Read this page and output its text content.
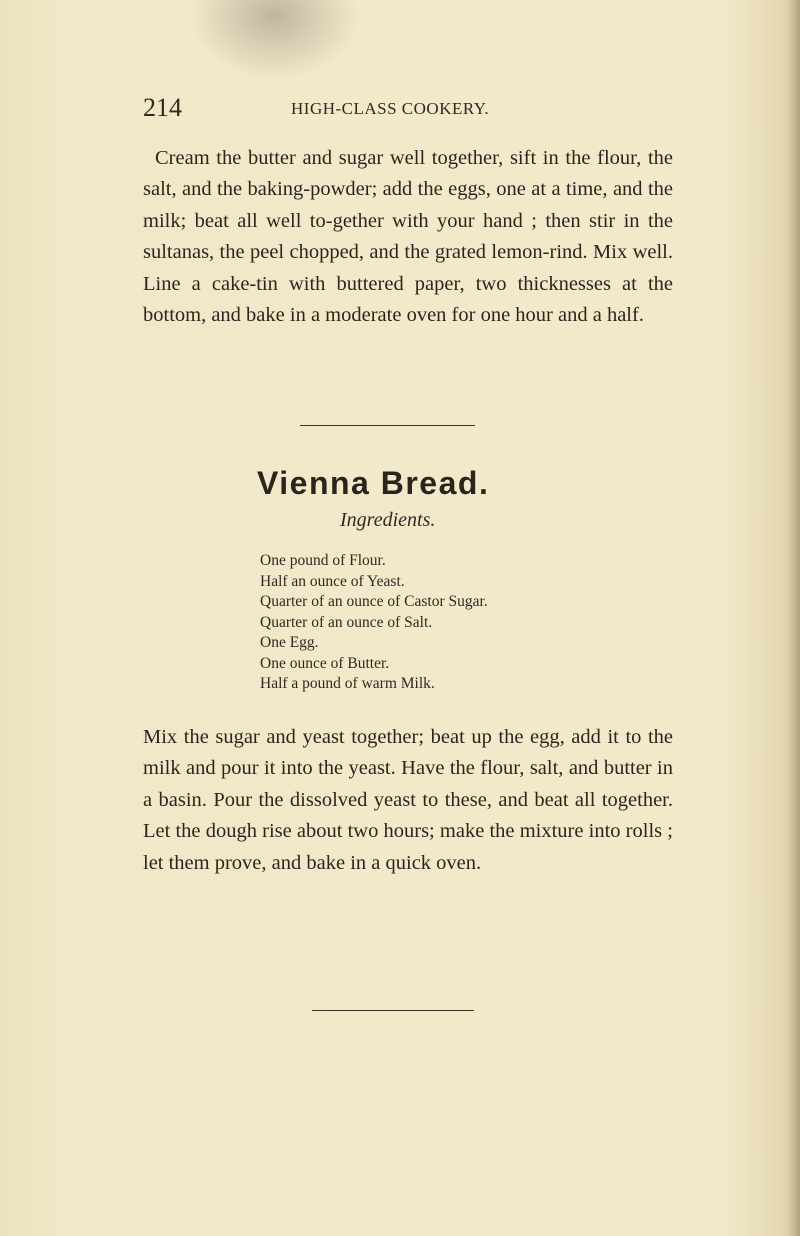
214	HIGH-CLASS COOKERY.

Cream the butter and sugar well together, sift in the flour, the salt, and the baking-powder; add the eggs, one at a time, and the milk; beat all well to-gether with your hand ; then stir in the sultanas, the peel chopped, and the grated lemon-rind. Mix well. Line a cake-tin with buttered paper, two thicknesses at the bottom, and bake in a moderate oven for one hour and a half.

Vienna Bread.
Ingredients.
One pound of Flour.
Half an ounce of Yeast.
Quarter of an ounce of Castor Sugar.
Quarter of an ounce of Salt.
One Egg.
One ounce of Butter.
Half a pound of warm Milk.

Mix the sugar and yeast together; beat up the egg, add it to the milk and pour it into the yeast. Have the flour, salt, and butter in a basin. Pour the dissolved yeast to these, and beat all together. Let the dough rise about two hours; make the mixture into rolls ; let them prove, and bake in a quick oven.
